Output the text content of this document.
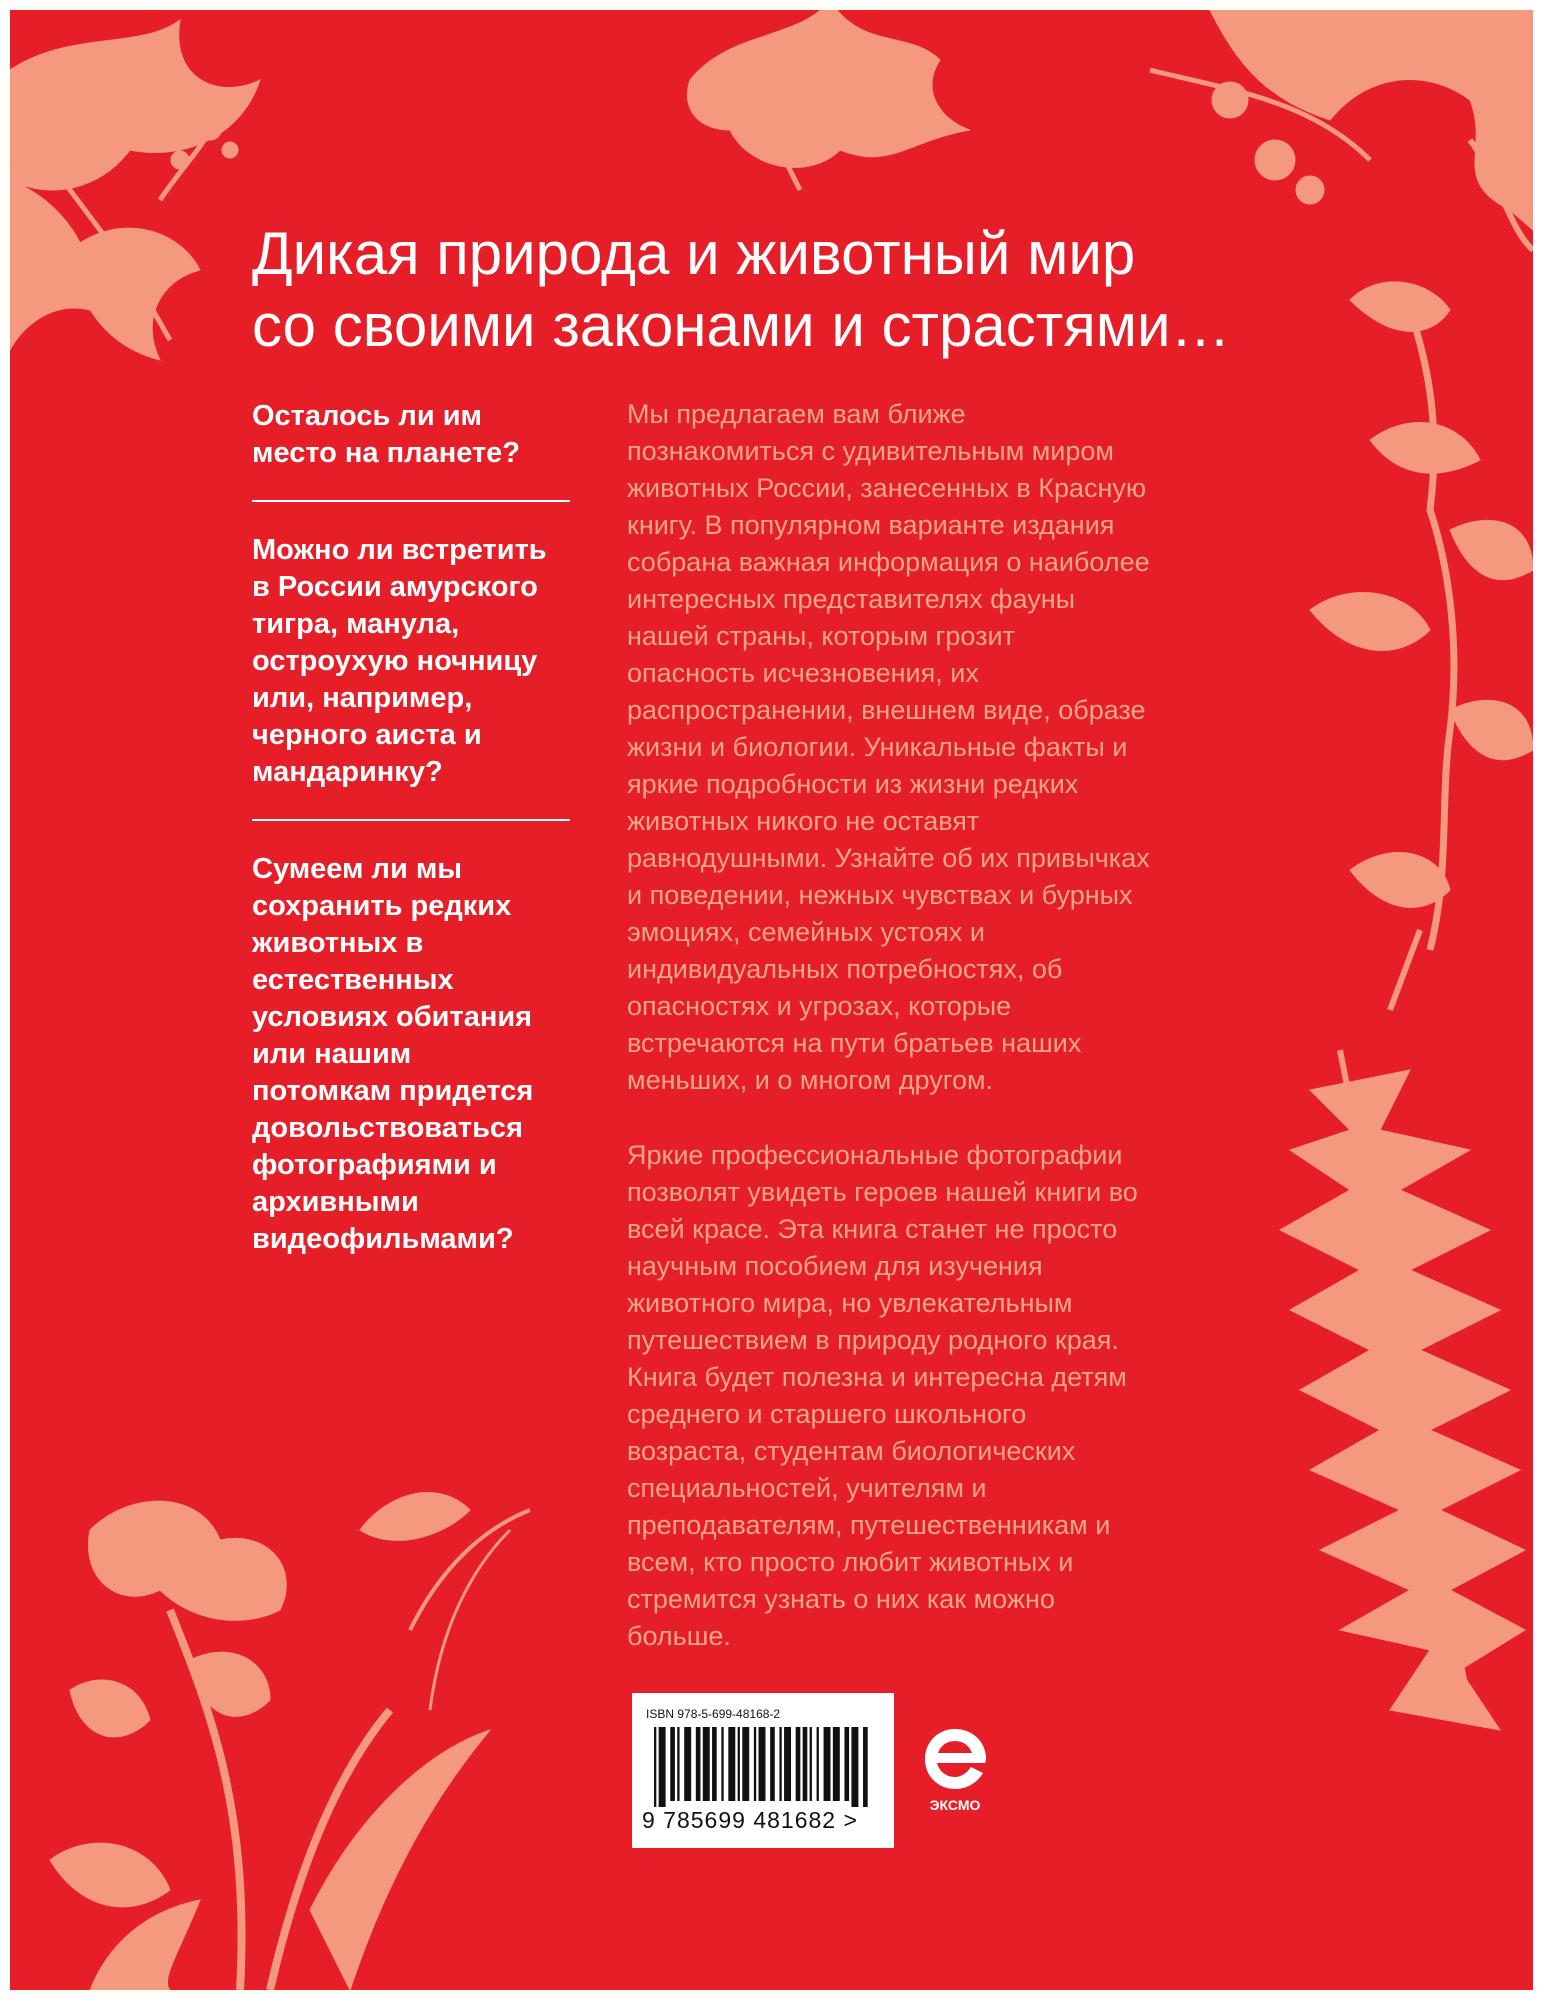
Дикая природа и животный мир
со своими законами и страстями…

Осталось ли им
место на планете?

Можно ли встретить
в России амурского
тигра, манула,
остроухую ночницу
или, например,
черного аиста и
мандаринку?

Сумеем ли мы
сохранить редких
животных в
естественных
условиях обитания
или нашим
потомкам придется
довольствоваться
фотографиями и
архивными
видеофильмами?

Мы предлагаем вам ближе
познакомиться с удивительным миром
животных России, занесенных в Красную
книгу. В популярном варианте издания
собрана важная информация о наиболее
интересных представителях фауны
нашей страны, которым грозит
опасность исчезновения, их
распространении, внешнем виде, образе
жизни и биологии. Уникальные факты и
яркие подробности из жизни редких
животных никого не оставят
равнодушными. Узнайте об их привычках
и поведении, нежных чувствах и бурных
эмоциях, семейных устоях и
индивидуальных потребностях, об
опасностях и угрозах, которые
встречаются на пути братьев наших
меньших, и о многом другом.

Яркие профессиональные фотографии
позволят увидеть героев нашей книги во
всей красе. Эта книга станет не просто
научным пособием для изучения
животного мира, но увлекательным
путешествием в природу родного края.
Книга будет полезна и интересна детям
среднего и старшего школьного
возраста, студентам биологических
специальностей, учителям и
преподавателям, путешественникам и
всем, кто просто любит животных и
стремится узнать о них как можно
больше.

ISBN 978-5-699-48168-2

9 785699 481682 >

ЭКСМО
